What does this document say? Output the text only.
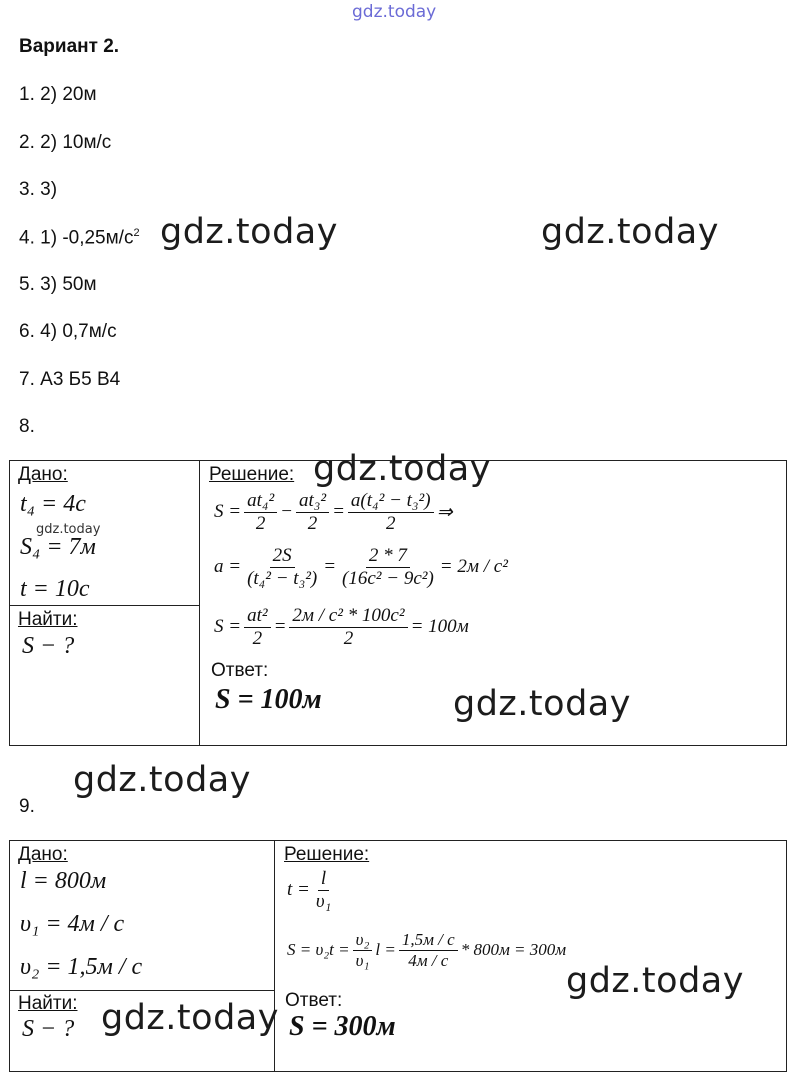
gdz.today
Вариант 2.
1. 2) 20м
2. 2) 10м/с
3. 3)
4. 1) $-0,25м/с^2$
5. 3) 50м
6. 4) 0,7м/с
7. А3 Б5 В4
8.
gdz.today	gdz.today
Дано:
t₄ = 4c
gdz.today
S₄ = 7м
t = 10c
Найти:
S − ?
Решение: gdz.today
$S = \frac{\text{at₄²}}{2} - \frac{\text{at₃²}}{2} = \frac{\text{a(t₄² − t₃²)}}{2}$ ⇒
$a = \frac{2S}{\text{(t₄² − t₃²)}} = \frac{2 * 7}{\text{(16c² − 9c²)}} = 2м / с^2$
$S = \frac{\text{at²}}{2} = \frac{\text{2м / с² * 100с²}}{2} = 100м$
Ответ:
S = 100м	gdz.today
gdz.today
9.
Дано:
l = 800м
υ₁ = 4м / с
υ₂ = 1,5м / с
Найти:
S − ? gdz.today
Решение:
$t = \frac{l}{\text{υ₁}}$
$S = \upsilon_2t = \frac{\text{υ₂}}{\text{υ₁}}$ $l = \frac{1,5м / с}{4м / с} * 800м = 300м$
gdz.today
Ответ:
S = 300м
